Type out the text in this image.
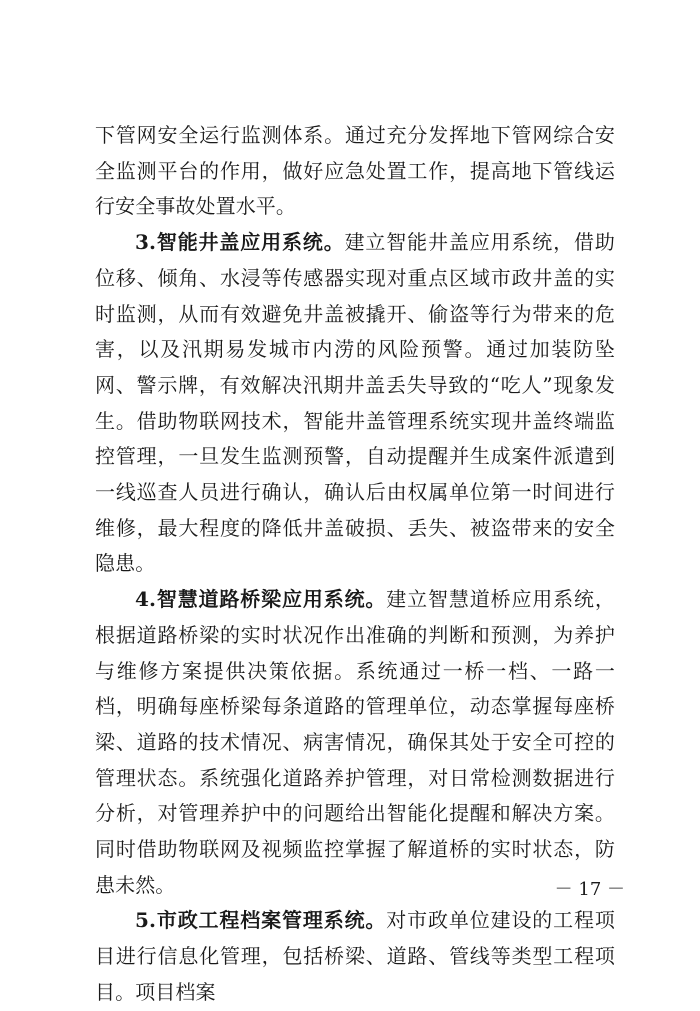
下管网安全运行监测体系。通过充分发挥地下管网综合安全监测平台的作用，做好应急处置工作，提高地下管线运行安全事故处置水平。

3.智能井盖应用系统。建立智能井盖应用系统，借助位移、倾角、水浸等传感器实现对重点区域市政井盖的实时监测，从而有效避免井盖被撬开、偷盗等行为带来的危害，以及汛期易发城市内涝的风险预警。通过加装防坠网、警示牌，有效解决汛期井盖丢失导致的“吃人”现象发生。借助物联网技术，智能井盖管理系统实现井盖终端监控管理，一旦发生监测预警，自动提醒并生成案件派遣到一线巡查人员进行确认，确认后由权属单位第一时间进行维修，最大程度的降低井盖破损、丢失、被盗带来的安全隐患。

4.智慧道路桥梁应用系统。建立智慧道桥应用系统，根据道路桥梁的实时状况作出准确的判断和预测，为养护与维修方案提供决策依据。系统通过一桥一档、一路一档，明确每座桥梁每条道路的管理单位，动态掌握每座桥梁、道路的技术情况、病害情况，确保其处于安全可控的管理状态。系统强化道路养护管理，对日常检测数据进行分析，对管理养护中的问题给出智能化提醒和解决方案。同时借助物联网及视频监控掌握了解道桥的实时状态，防患未然。

5.市政工程档案管理系统。对市政单位建设的工程项目进行信息化管理，包括桥梁、道路、管线等类型工程项目。项目档案

－ 17 －
